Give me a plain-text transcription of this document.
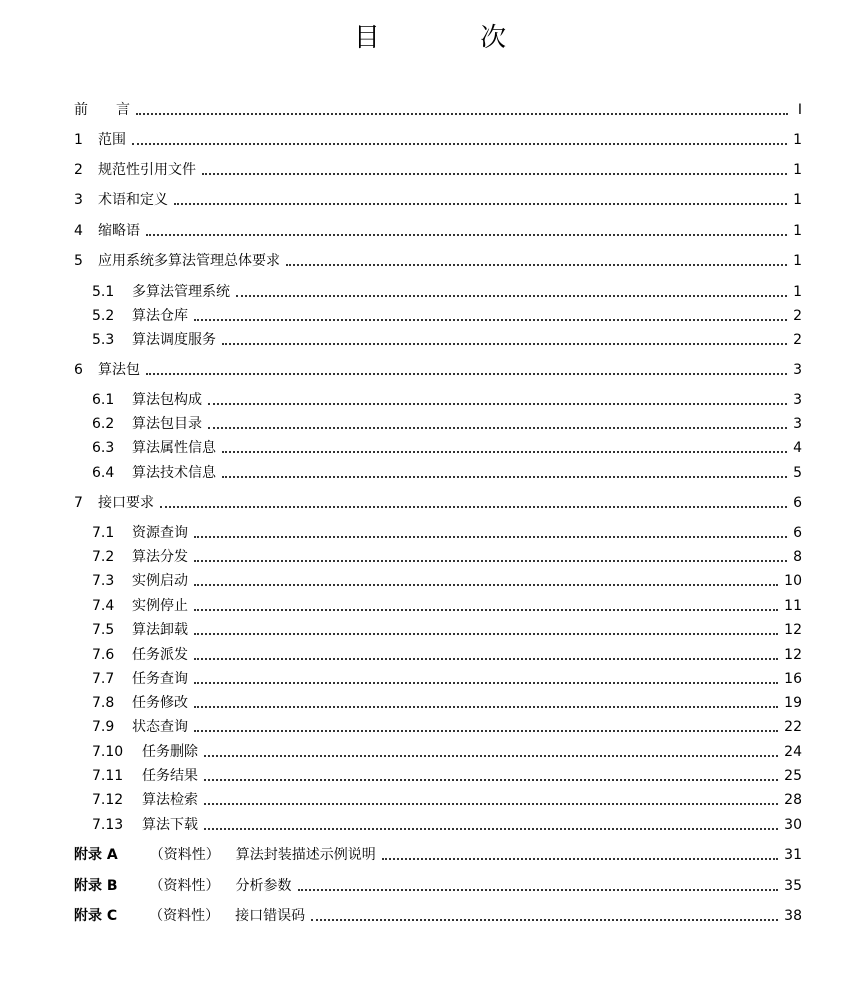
目 次
前　　言	I
1	范围	1
2	规范性引用文件	1
3	术语和定义	1
4	缩略语	1
5	应用系统多算法管理总体要求	1
5.1	多算法管理系统	1
5.2	算法仓库	2
5.3	算法调度服务	2
6	算法包	3
6.1	算法包构成	3
6.2	算法包目录	3
6.3	算法属性信息	4
6.4	算法技术信息	5
7	接口要求	6
7.1	资源查询	6
7.2	算法分发	8
7.3	实例启动	10
7.4	实例停止	11
7.5	算法卸载	12
7.6	任务派发	12
7.7	任务查询	16
7.8	任务修改	19
7.9	状态查询	22
7.10	任务删除	24
7.11	任务结果	25
7.12	算法检索	28
7.13	算法下载	30
附录 A （资料性） 算法封装描述示例说明	31
附录 B （资料性） 分析参数	35
附录 C （资料性） 接口错误码	38
